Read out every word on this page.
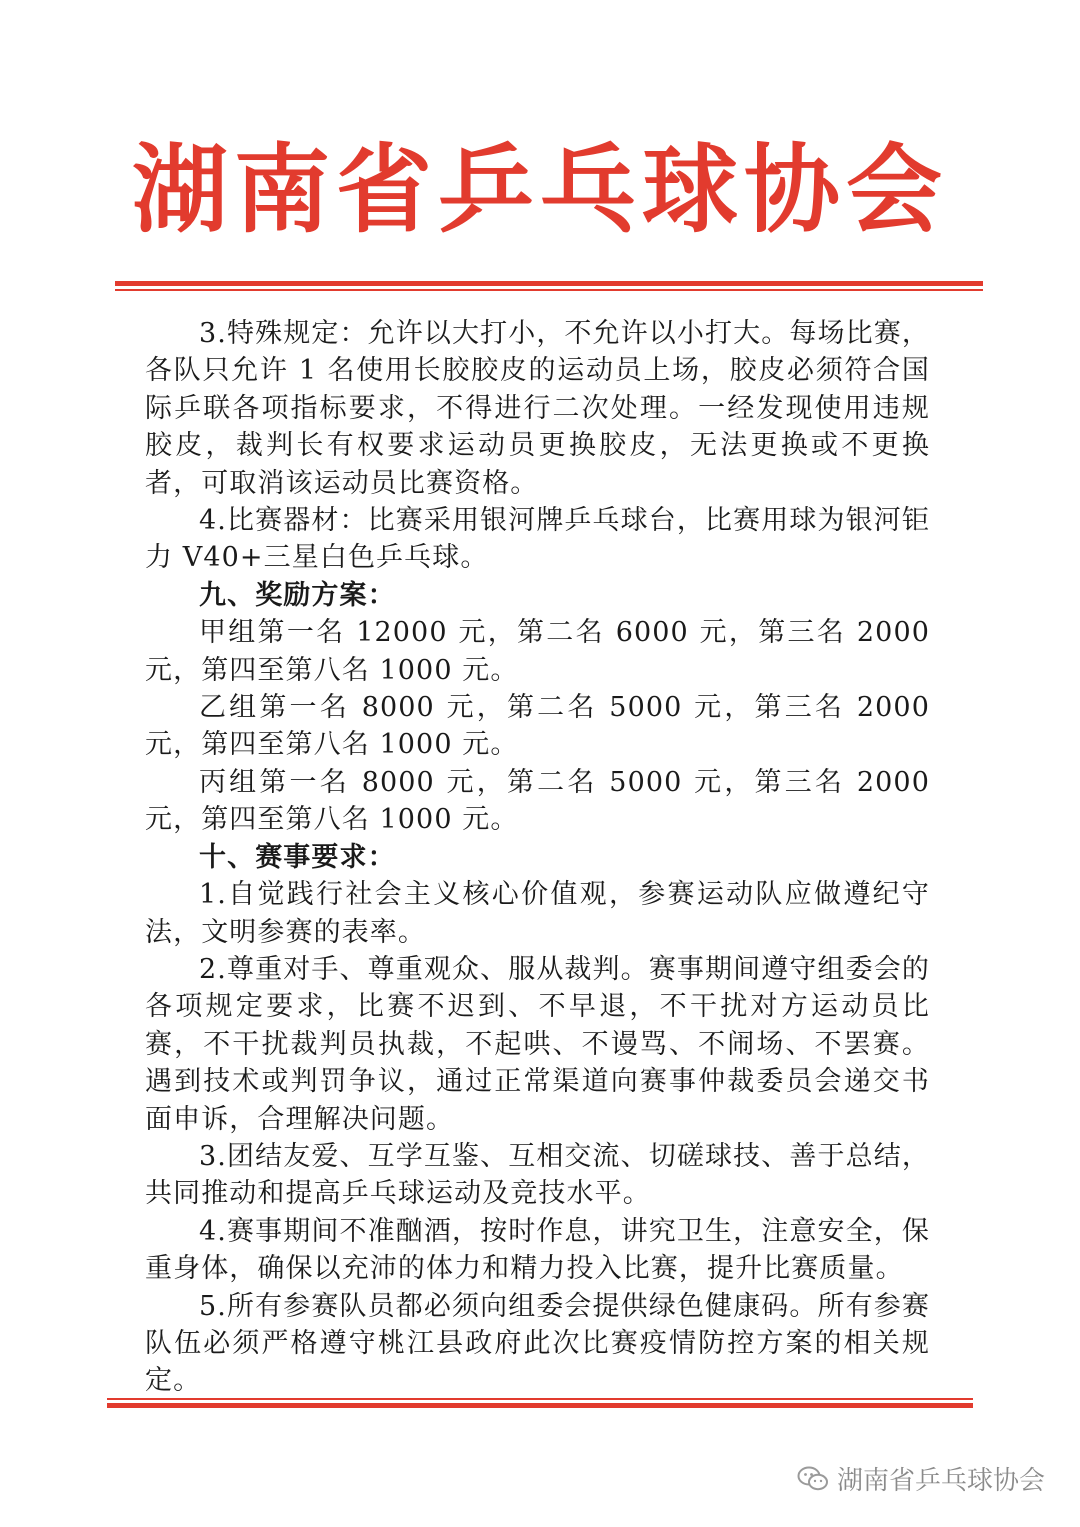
湖南省乒乓球协会

3.特殊规定：允许以大打小，不允许以小打大。每场比赛，各队只允许 1 名使用长胶胶皮的运动员上场，胶皮必须符合国际乒联各项指标要求，不得进行二次处理。一经发现使用违规胶皮，裁判长有权要求运动员更换胶皮，无法更换或不更换者，可取消该运动员比赛资格。

4.比赛器材：比赛采用银河牌乒乓球台，比赛用球为银河钜力 V40+三星白色乒乓球。

九、奖励方案：

甲组第一名 12000 元，第二名 6000 元，第三名 2000 元，第四至第八名 1000 元。

乙组第一名 8000 元，第二名 5000 元，第三名 2000 元，第四至第八名 1000 元。

丙组第一名 8000 元，第二名 5000 元，第三名 2000 元，第四至第八名 1000 元。

十、赛事要求：

1.自觉践行社会主义核心价值观，参赛运动队应做遵纪守法，文明参赛的表率。

2.尊重对手、尊重观众、服从裁判。赛事期间遵守组委会的各项规定要求，比赛不迟到、不早退，不干扰对方运动员比赛，不干扰裁判员执裁，不起哄、不谩骂、不闹场、不罢赛。遇到技术或判罚争议，通过正常渠道向赛事仲裁委员会递交书面申诉，合理解决问题。

3.团结友爱、互学互鉴、互相交流、切磋球技、善于总结，共同推动和提高乒乓球运动及竞技水平。

4.赛事期间不准酗酒，按时作息，讲究卫生，注意安全，保重身体，确保以充沛的体力和精力投入比赛，提升比赛质量。

5.所有参赛队员都必须向组委会提供绿色健康码。所有参赛队伍必须严格遵守桃江县政府此次比赛疫情防控方案的相关规定。

湖南省乒乓球协会
